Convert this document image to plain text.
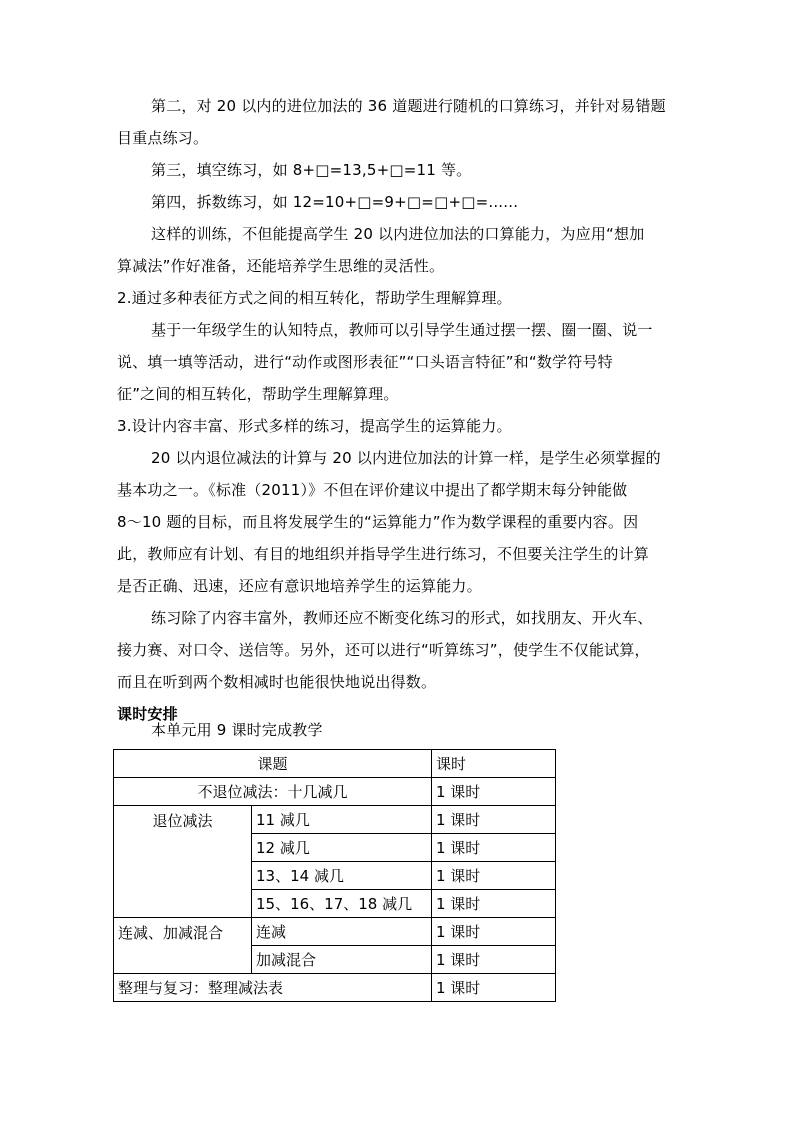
第二，对 20 以内的进位加法的 36 道题进行随机的口算练习，并针对易错题
目重点练习。
第三，填空练习，如 8+□=13,5+□=11 等。
第四，拆数练习，如 12=10+□=9+□=□+□=......
这样的训练，不但能提高学生 20 以内进位加法的口算能力，为应用“想加
算减法”作好准备，还能培养学生思维的灵活性。
2.通过多种表征方式之间的相互转化，帮助学生理解算理。
基于一年级学生的认知特点，教师可以引导学生通过摆一摆、圈一圈、说一
说、填一填等活动，进行“动作或图形表征”“口头语言特征”和“数学符号特
征”之间的相互转化，帮助学生理解算理。
3.设计内容丰富、形式多样的练习，提高学生的运算能力。
20 以内退位减法的计算与 20 以内进位加法的计算一样，是学生必须掌握的
基本功之一。《标准（2011）》不但在评价建议中提出了都学期末每分钟能做
8～10 题的目标，而且将发展学生的“运算能力”作为数学课程的重要内容。因
此，教师应有计划、有目的地组织并指导学生进行练习，不但要关注学生的计算
是否正确、迅速，还应有意识地培养学生的运算能力。
练习除了内容丰富外，教师还应不断变化练习的形式，如找朋友、开火车、
接力赛、对口令、送信等。另外，还可以进行“听算练习”，使学生不仅能试算，
而且在听到两个数相减时也能很快地说出得数。
课时安排
本单元用 9 课时完成教学
课题		课时
不退位减法：十几减几		1 课时
退位减法	11 减几	1 课时
	12 减几	1 课时
	13、14 减几	1 课时
	15、16、17、18 减几	1 课时
连减、加减混合	连减	1 课时
	加减混合	1 课时
整理与复习：整理减法表		1 课时
